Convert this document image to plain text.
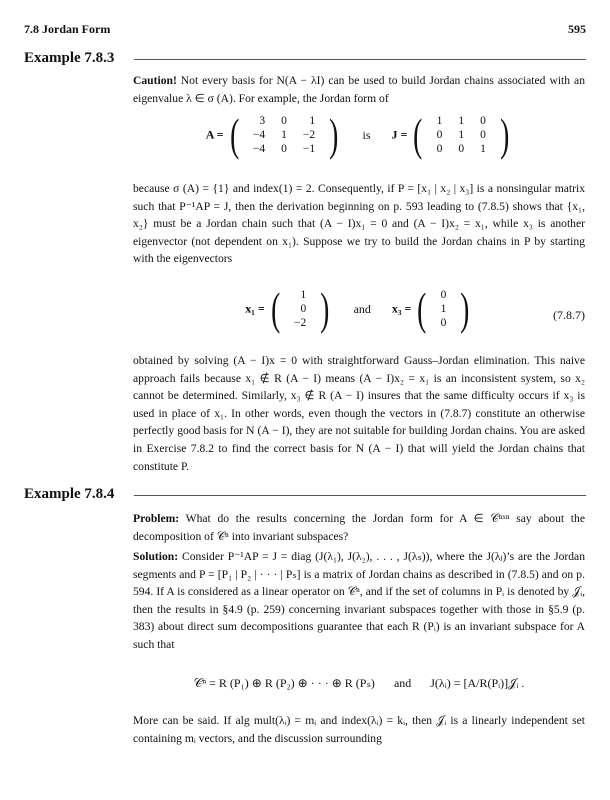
7.8 Jordan Form	595
Example 7.8.3
Caution! Not every basis for N(A − λI) can be used to build Jordan chains associated with an eigenvalue λ ∈ σ (A). For example, the Jordan form of
A = ( 3	0	1
−4	1	−2
−4	0	−1 ) is J = ( 1	1	0
0	1	0
0	0	1 )
because σ (A) = {1} and index(1) = 2. Consequently, if P = [x₁ | x₂ | x₃] is a nonsingular matrix such that P⁻¹AP = J, then the derivation beginning on p. 593 leading to (7.8.5) shows that {x₁, x₂} must be a Jordan chain such that (A − I)x₁ = 0 and (A − I)x₂ = x₁, while x₃ is another eigenvector (not dependent on x₁). Suppose we try to build the Jordan chains in P by starting with the eigenvectors
x₁ = ( 1
0
−2 ) and x₃ = ( 0
1
0 )	(7.8.7)
obtained by solving (A − I)x = 0 with straightforward Gauss–Jordan elimination. This naive approach fails because x₁ ∉ R (A − I) means (A − I)x₂ = x₁ is an inconsistent system, so x₂ cannot be determined. Similarly, x₃ ∉ R (A − I) insures that the same difficulty occurs if x₃ is used in place of x₁. In other words, even though the vectors in (7.8.7) constitute an otherwise perfectly good basis for N (A − I), they are not suitable for building Jordan chains. You are asked in Exercise 7.8.2 to find the correct basis for N (A − I) that will yield the Jordan chains that constitute P.
Example 7.8.4
Problem: What do the results concerning the Jordan form for A ∈ 𝒞ⁿˣⁿ say about the decomposition of 𝒞ⁿ into invariant subspaces?
Solution: Consider P⁻¹AP = J = diag (J(λ₁), J(λ₂), . . . , J(λₛ)), where the J(λⱼ)’s are the Jordan segments and P = [P₁ | P₂ | · · · | Pₛ] is a matrix of Jordan chains as described in (7.8.5) and on p. 594. If A is considered as a linear operator on 𝒞ⁿ, and if the set of columns in Pᵢ is denoted by 𝒥ᵢ, then the results in §4.9 (p. 259) concerning invariant subspaces together with those in §5.9 (p. 383) about direct sum decompositions guarantee that each R (Pᵢ) is an invariant subspace for A such that
𝒞ⁿ = R (P₁) ⊕ R (P₂) ⊕ · · · ⊕ R (Pₛ) and J(λᵢ) = [A/R(Pᵢ)]𝒥ᵢ .
More can be said. If alg mult(λᵢ) = mᵢ and index(λᵢ) = kᵢ, then 𝒥ᵢ is a linearly independent set containing mᵢ vectors, and the discussion surrounding
